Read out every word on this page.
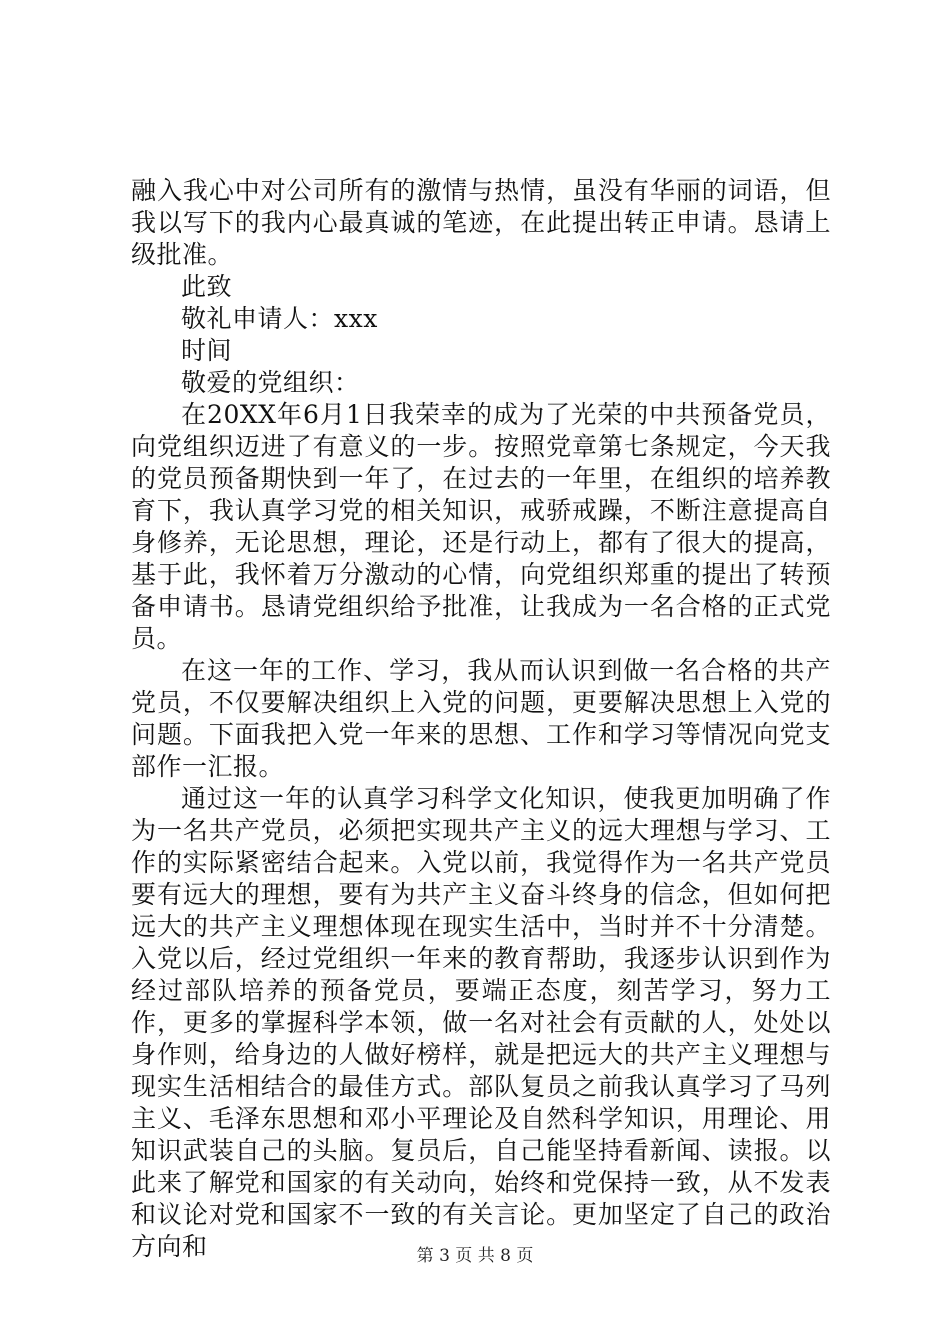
融入我心中对公司所有的激情与热情，虽没有华丽的词语，但我以写下的我内心最真诚的笔迹，在此提出转正申请。恳请上级批准。

此致

敬礼申请人：xxx

时间

敬爱的党组织：

在20XX年6月1日我荣幸的成为了光荣的中共预备党员，向党组织迈进了有意义的一步。按照党章第七条规定，今天我的党员预备期快到一年了，在过去的一年里，在组织的培养教育下，我认真学习党的相关知识，戒骄戒躁，不断注意提高自身修养，无论思想，理论，还是行动上，都有了很大的提高，基于此，我怀着万分激动的心情，向党组织郑重的提出了转预备申请书。恳请党组织给予批准，让我成为一名合格的正式党员。

在这一年的工作、学习，我从而认识到做一名合格的共产党员，不仅要解决组织上入党的问题，更要解决思想上入党的问题。下面我把入党一年来的思想、工作和学习等情况向党支部作一汇报。

通过这一年的认真学习科学文化知识，使我更加明确了作为一名共产党员，必须把实现共产主义的远大理想与学习、工作的实际紧密结合起来。入党以前，我觉得作为一名共产党员要有远大的理想，要有为共产主义奋斗终身的信念，但如何把远大的共产主义理想体现在现实生活中，当时并不十分清楚。入党以后，经过党组织一年来的教育帮助，我逐步认识到作为经过部队培养的预备党员，要端正态度，刻苦学习，努力工作，更多的掌握科学本领，做一名对社会有贡献的人，处处以身作则，给身边的人做好榜样，就是把远大的共产主义理想与现实生活相结合的最佳方式。部队复员之前我认真学习了马列主义、毛泽东思想和邓小平理论及自然科学知识，用理论、用知识武装自己的头脑。复员后，自己能坚持看新闻、读报。以此来了解党和国家的有关动向，始终和党保持一致，从不发表和议论对党和国家不一致的有关言论。更加坚定了自己的政治方向和	第 3 页 共 8 页
